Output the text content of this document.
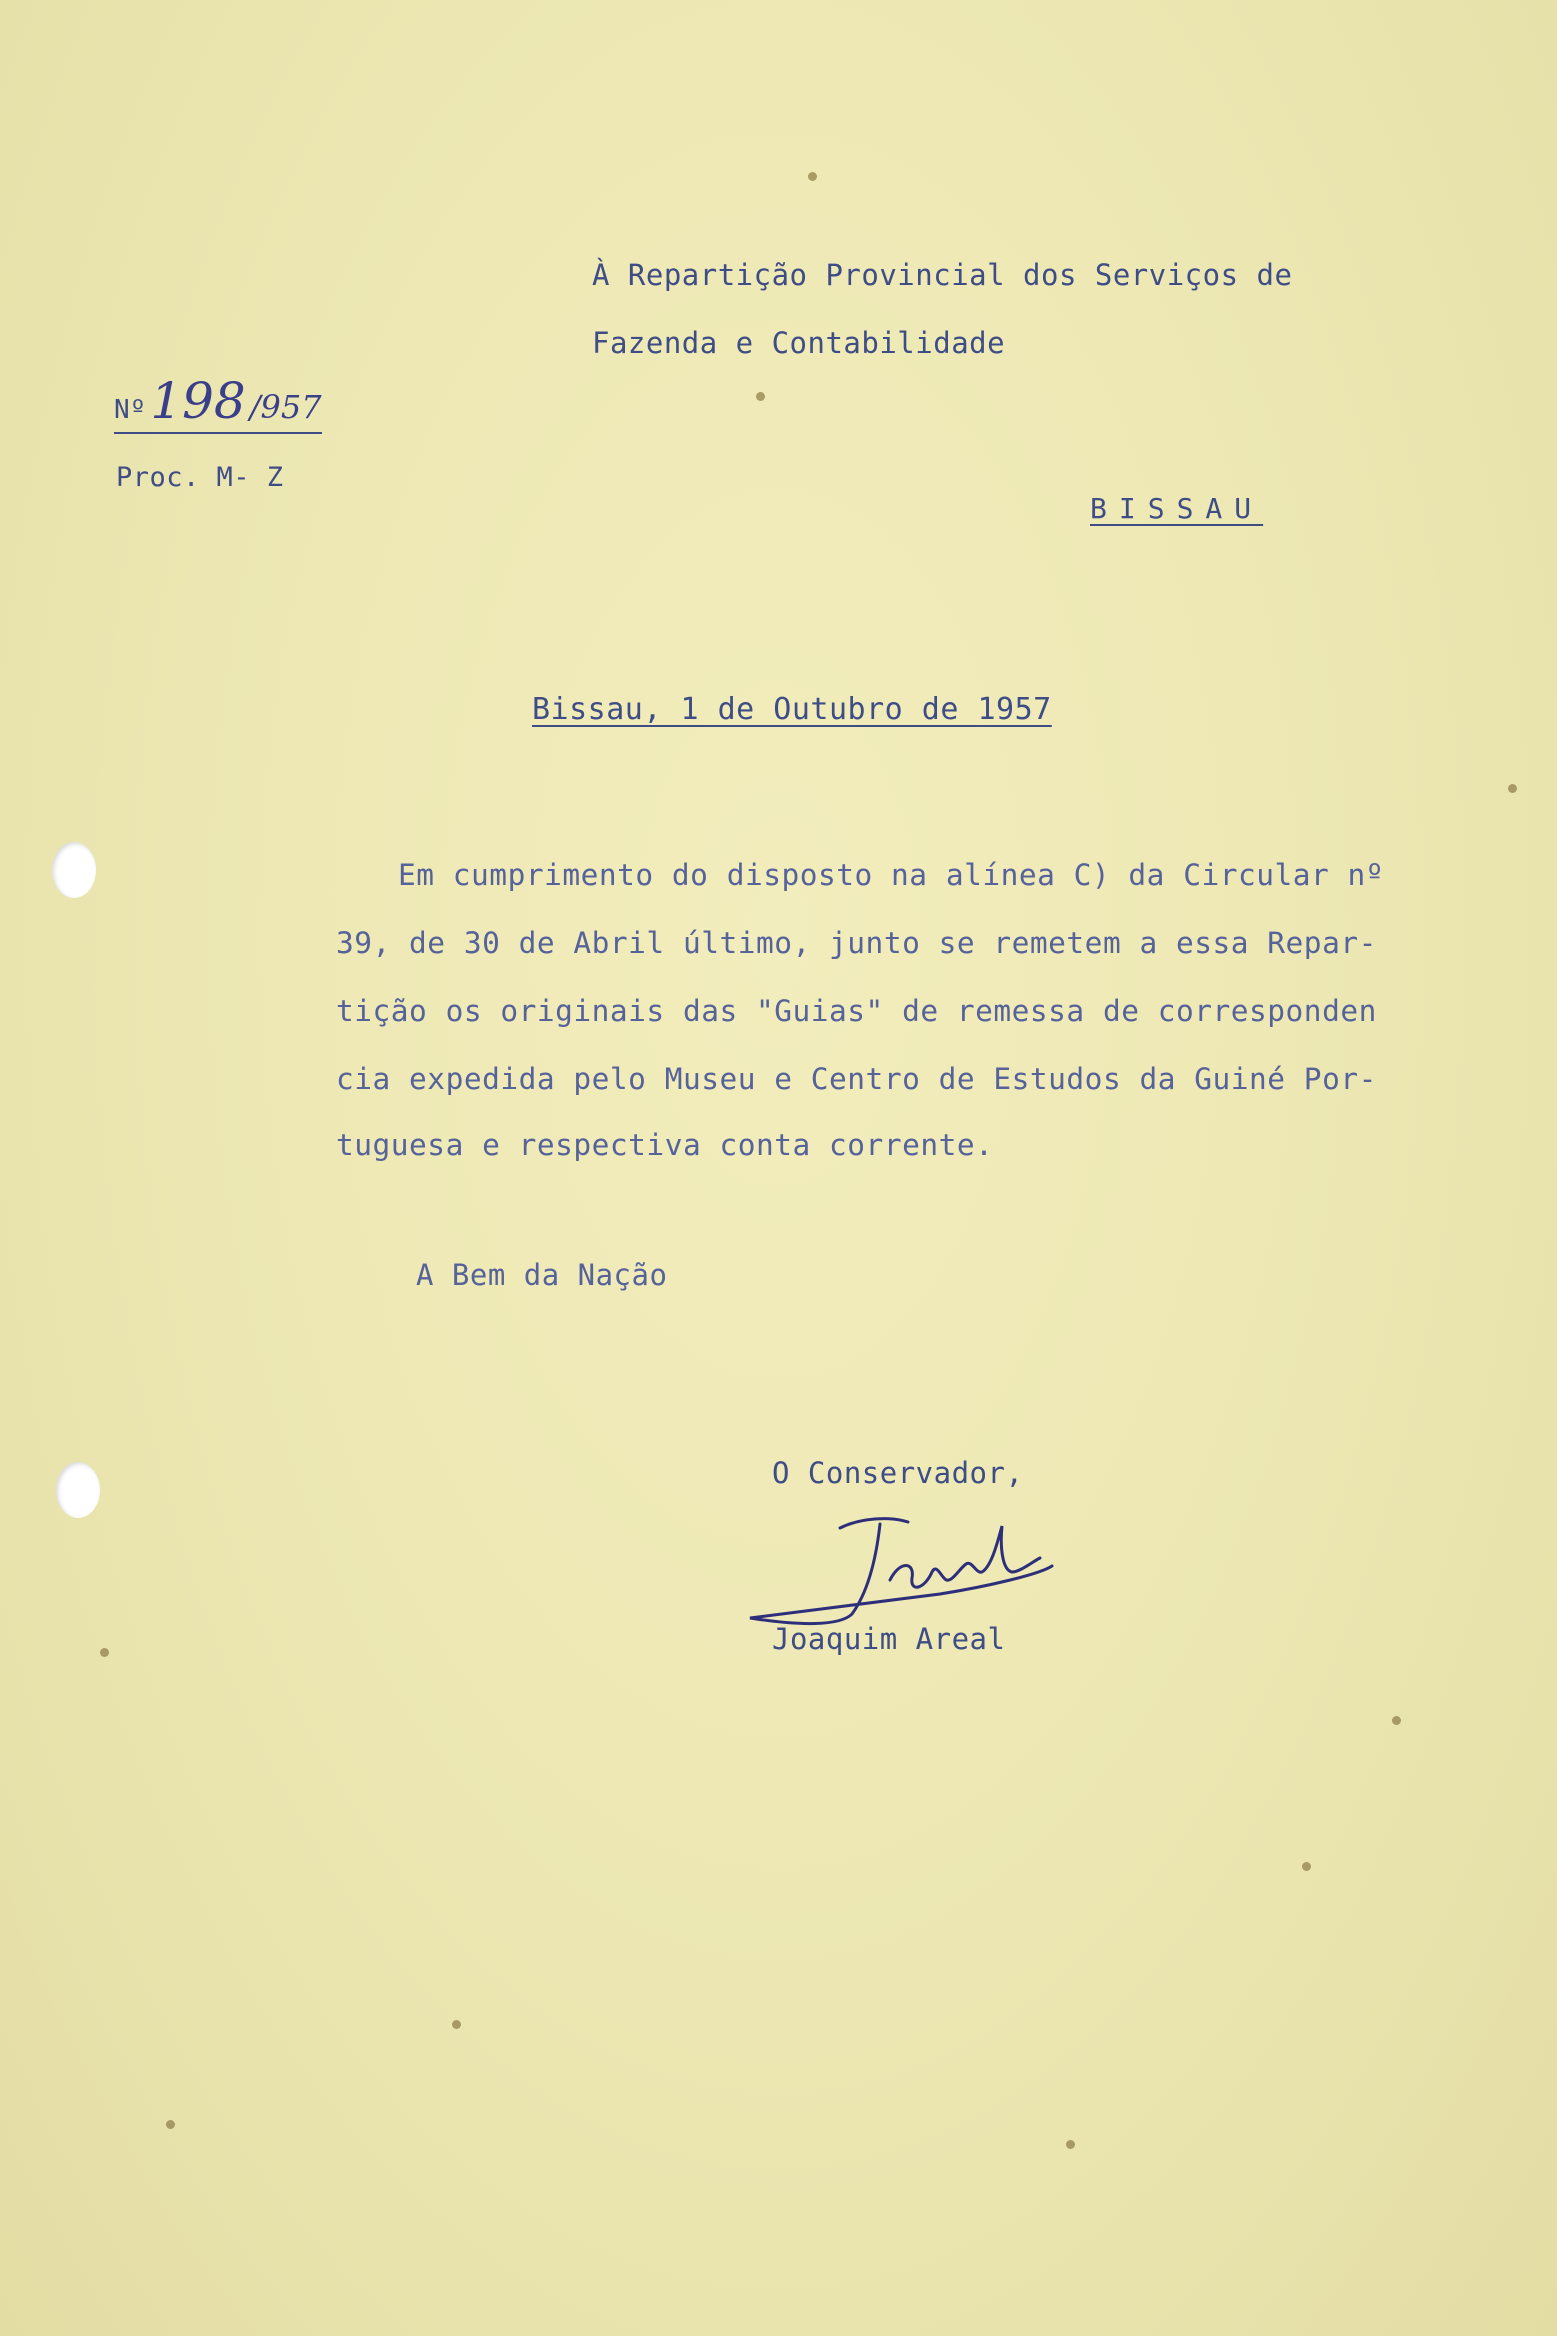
À Repartição Provincial dos Serviços de
Fazenda e Contabilidade
Nº 198 /957
Proc. M- Z
BISSAU
Bissau, 1 de Outubro de 1957
Em cumprimento do disposto na alínea C) da Circular nº
39, de 30 de Abril último, junto se remetem a essa Repar-
tição os originais das "Guias" de remessa de corresponden
cia expedida pelo Museu e Centro de Estudos da Guiné Por-
tuguesa e respectiva conta corrente.
A Bem da Nação
O Conservador,
Joaquim Areal
